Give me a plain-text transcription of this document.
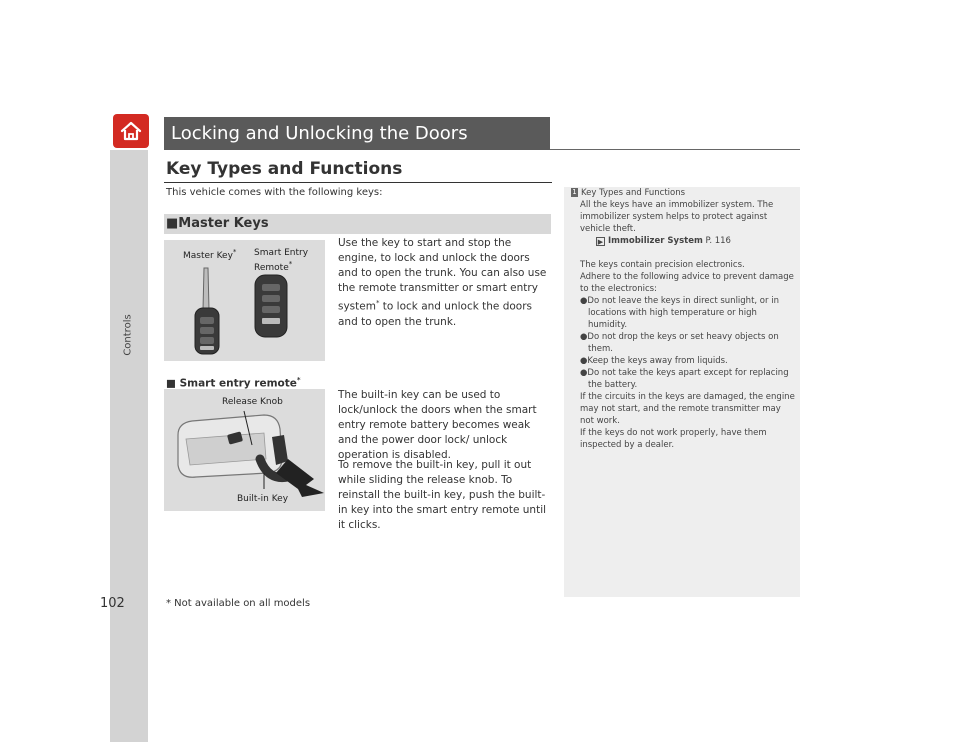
Controls
102	* Not available on all models
Locking and Unlocking the Doors
Key Types and Functions
This vehicle comes with the following keys:
■Master Keys
Master Key* Smart Entry Remote*
Use the key to start and stop the engine, to lock and unlock the doors and to open the trunk. You can also use the remote transmitter or smart entry system* to lock and unlock the doors and to open the trunk.
■ Smart entry remote*
Release Knob
Built-in Key
The built-in key can be used to lock/unlock the doors when the smart entry remote battery becomes weak and the power door lock/ unlock operation is disabled.
To remove the built-in key, pull it out while sliding the release knob. To reinstall the built-in key, push the built-in key into the smart entry remote until it clicks.
1 Key Types and Functions

All the keys have an immobilizer system. The immobilizer system helps to protect against vehicle theft.

▶ Immobilizer System P. 116

The keys contain precision electronics.

Adhere to the following advice to prevent damage to the electronics:

●Do not leave the keys in direct sunlight, or in locations with high temperature or high humidity.
●Do not drop the keys or set heavy objects on them.
●Keep the keys away from liquids.
●Do not take the keys apart except for replacing the battery.

If the circuits in the keys are damaged, the engine may not start, and the remote transmitter may not work.

If the keys do not work properly, have them inspected by a dealer.
